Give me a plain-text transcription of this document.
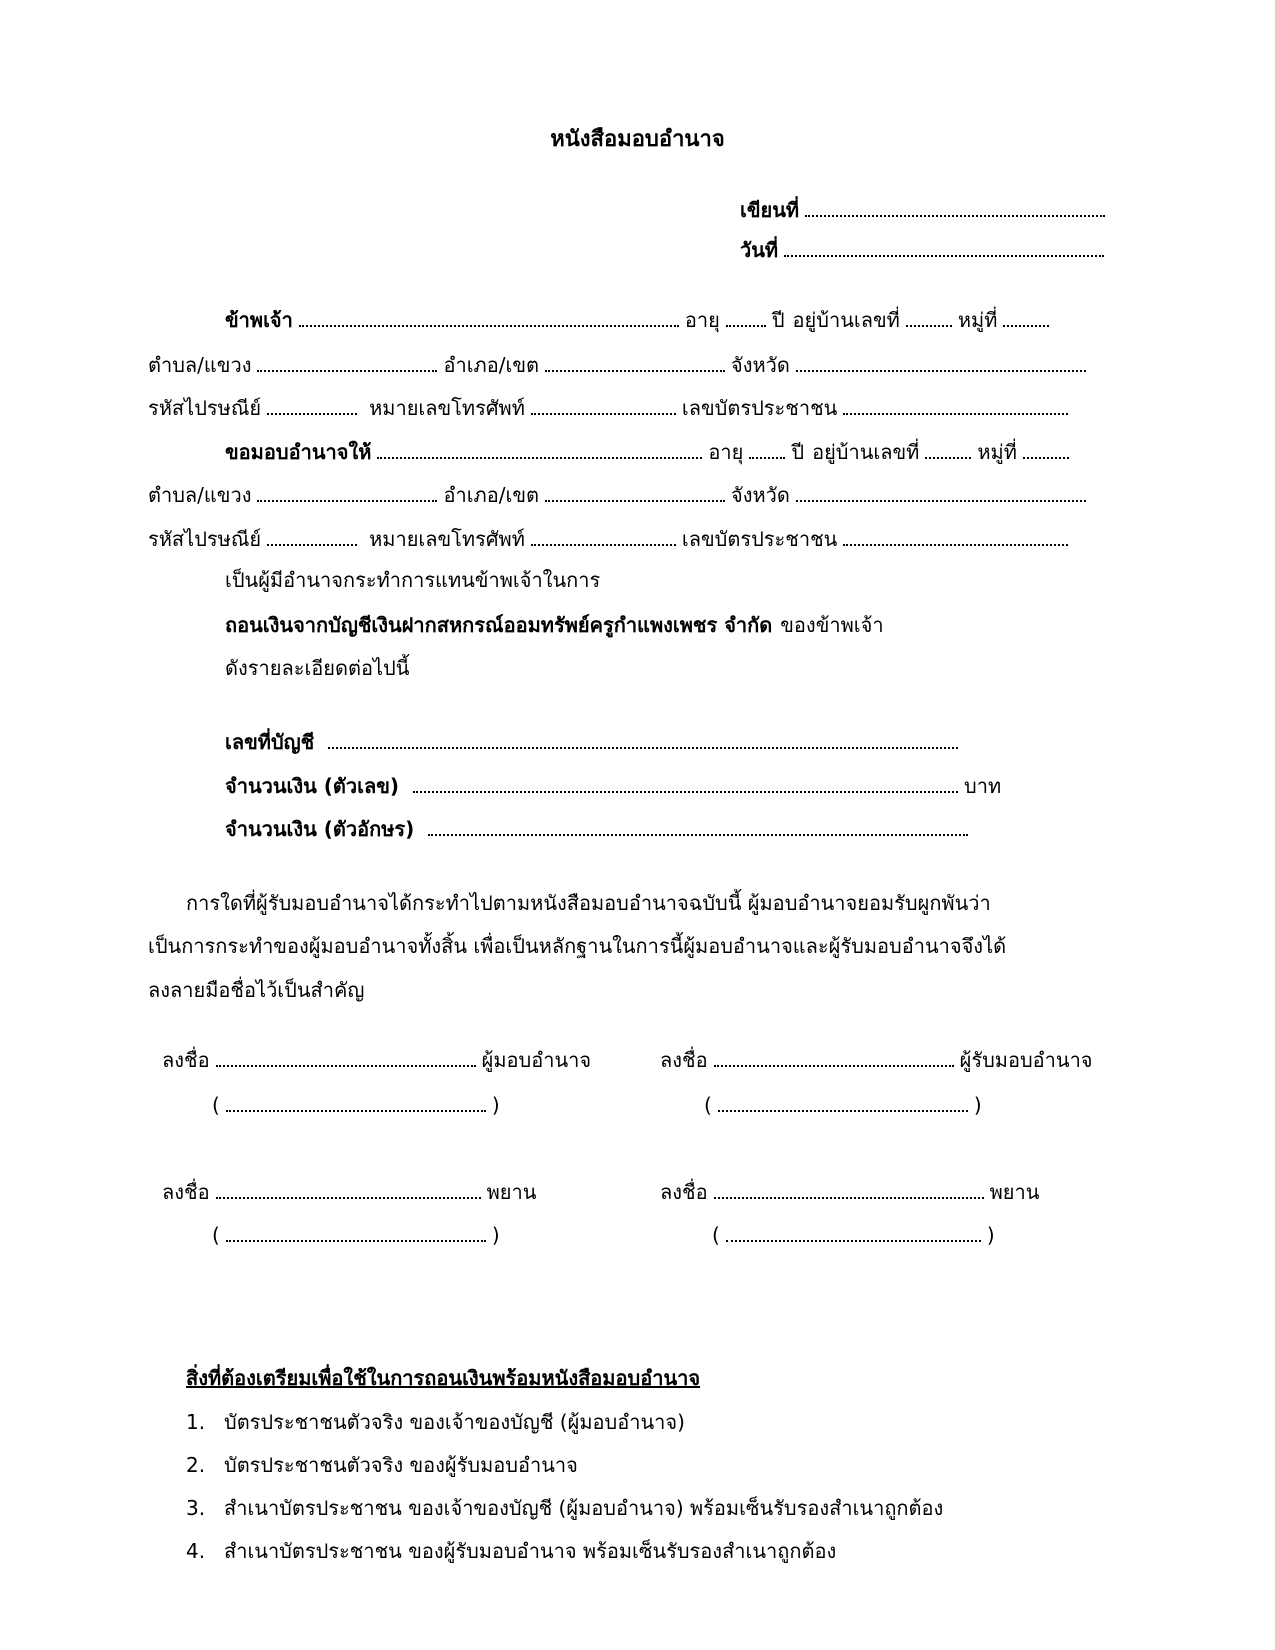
หนังสือมอบอำนาจ
เขียนที่
วันที่
ข้าพเจ้า	อายุ	ปี อยู่บ้านเลขที่	หมู่ที่
ตำบล/แขวง	อำเภอ/เขต	จังหวัด
รหัสไปรษณีย์	หมายเลขโทรศัพท์	เลขบัตรประชาชน
ขอมอบอำนาจให้	อายุ ปี อยู่บ้านเลขที่	หมู่ที่
ตำบล/แขวง	อำเภอ/เขต	จังหวัด
รหัสไปรษณีย์	หมายเลขโทรศัพท์	เลขบัตรประชาชน
เป็นผู้มีอำนาจกระทำการแทนข้าพเจ้าในการ
ถอนเงินจากบัญชีเงินฝากสหกรณ์ออมทรัพย์ครูกำแพงเพชร จำกัด ของข้าพเจ้า
ดังรายละเอียดต่อไปนี้
เลขที่บัญชี
จำนวนเงิน (ตัวเลข)	บาท
จำนวนเงิน (ตัวอักษร)
การใดที่ผู้รับมอบอำนาจได้กระทำไปตามหนังสือมอบอำนาจฉบับนี้ ผู้มอบอำนาจยอมรับผูกพันว่า
เป็นการกระทำของผู้มอบอำนาจทั้งสิ้น เพื่อเป็นหลักฐานในการนี้ผู้มอบอำนาจและผู้รับมอบอำนาจจึงได้
ลงลายมือชื่อไว้เป็นสำคัญ
ลงชื่อ	ผู้มอบอำนาจ
(	)
ลงชื่อ	ผู้รับมอบอำนาจ
(	)
ลงชื่อ	พยาน
(	)
ลงชื่อ	พยาน
(	)
สิ่งที่ต้องเตรียมเพื่อใช้ในการถอนเงินพร้อมหนังสือมอบอำนาจ
1. บัตรประชาชนตัวจริง ของเจ้าของบัญชี (ผู้มอบอำนาจ)
2. บัตรประชาชนตัวจริง ของผู้รับมอบอำนาจ
3. สำเนาบัตรประชาชน ของเจ้าของบัญชี (ผู้มอบอำนาจ) พร้อมเซ็นรับรองสำเนาถูกต้อง
4. สำเนาบัตรประชาชน ของผู้รับมอบอำนาจ พร้อมเซ็นรับรองสำเนาถูกต้อง
